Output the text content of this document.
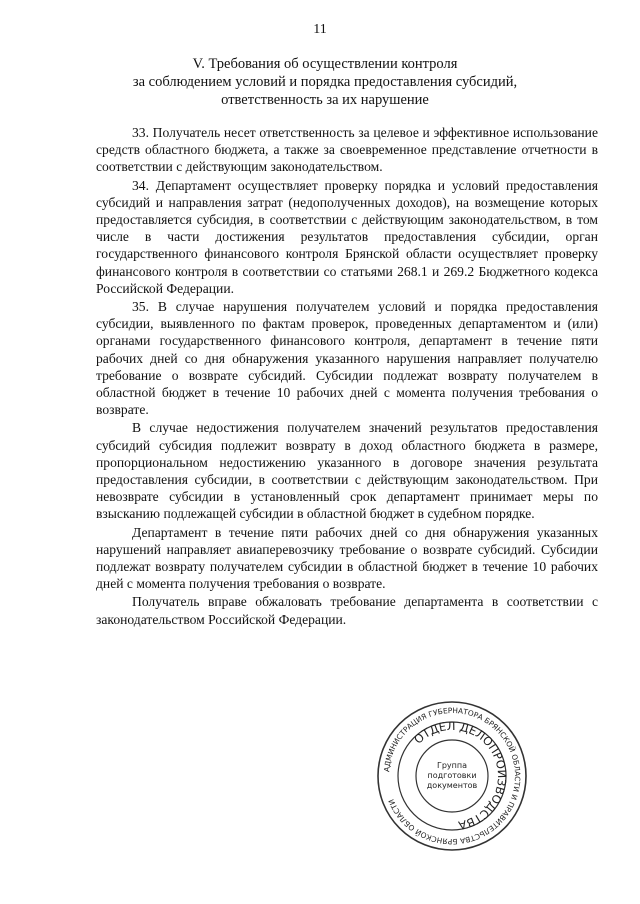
11
V. Требования об осуществлении контроля
за соблюдением условий и порядка предоставления субсидий,
ответственность за их нарушение

33. Получатель несет ответственность за целевое и эффективное использование средств областного бюджета, а также за своевременное представление отчетности в соответствии с действующим законодательством.

34. Департамент осуществляет проверку порядка и условий предоставления субсидий и направления затрат (недополученных доходов), на возмещение которых предоставляется субсидия, в соответствии с действующим законодательством, в том числе в части достижения результатов предоставления субсидии, орган государственного финансового контроля Брянской области осуществляет проверку финансового контроля в соответствии со статьями 268.1 и 269.2 Бюджетного кодекса Российской Федерации.

35. В случае нарушения получателем условий и порядка предоставления субсидии, выявленного по фактам проверок, проведенных департаментом и (или) органами государственного финансового контроля, департамент в течение пяти рабочих дней со дня обнаружения указанного нарушения направляет получателю требование о возврате субсидий. Субсидии подлежат возврату получателем в областной бюджет в течение 10 рабочих дней с момента получения требования о возврате.

В случае недостижения получателем значений результатов предоставления субсидий субсидия подлежит возврату в доход областного бюджета в размере, пропорциональном недостижению указанного в договоре значения результата предоставления субсидии, в соответствии с действующим законодательством. При невозврате субсидии в установленный срок департамент принимает меры по взысканию подлежащей субсидии в областной бюджет в судебном порядке.

Департамент в течение пяти рабочих дней со дня обнаружения указанных нарушений направляет авиаперевозчику требование о возврате субсидий. Субсидии подлежат возврату получателем субсидии в областной бюджет в течение 10 рабочих дней с момента получения требования о возврате.

Получатель вправе обжаловать требование департамента в соответствии с законодательством Российской Федерации.

АДМИНИСТРАЦИЯ ГУБЕРНАТОРА БРЯНСКОЙ ОБЛАСТИ И ПРАВИТЕЛЬСТВА БРЯНСКОЙ ОБЛАСТИ
ОТДЕЛ ДЕЛОПРОИЗВОДСТВА
Группа
подготовки
документов
